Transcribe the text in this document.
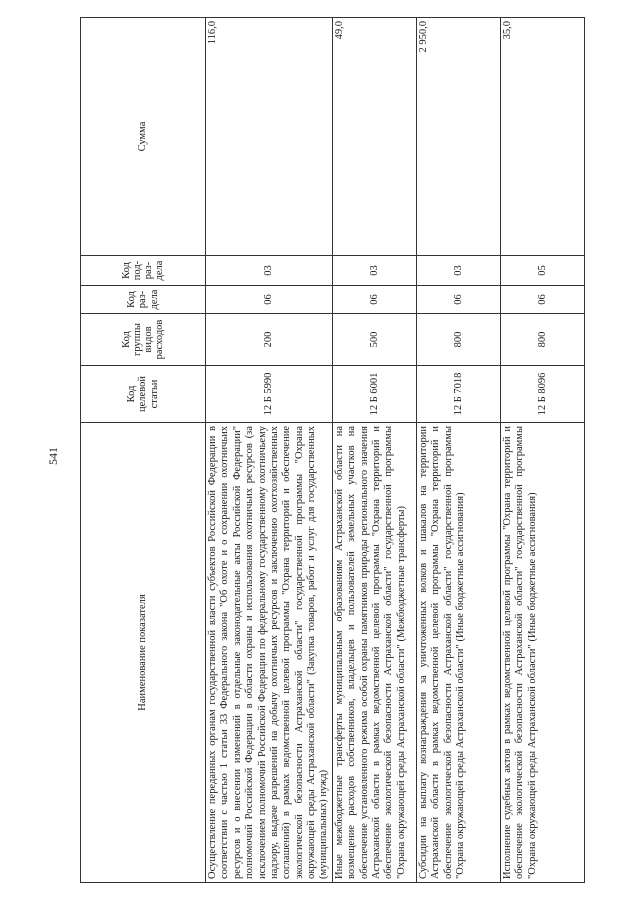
541
Наименование показателя	Код целевой статьи	Код группы видов расходов	Код раз-дела	Код под-раз-дела	Сумма
Осуществление переданных органам государственной власти субъектов Российской Федерации в соответствии с частью 1 статьи 33 Федерального закона "Об охоте и о сохранении охотничьих ресурсов и о внесении изменений в отдельные законодательные акты Российской Федерации" полномочий Российской Федерации в области охраны и использования охотничьих ресурсов (за исключением полномочий Российской Федерации по федеральному государственному охотничьему надзору, выдаче разрешений на добычу охотничьих ресурсов и заключению охотхозяйственных соглашений) в рамках ведомственной целевой программы "Охрана территорий и обеспечение экологической безопасности Астраханской области" государственной программы "Охрана окружающей среды Астраханской области" (Закупка товаров, работ и услуг для государственных (муниципальных) нужд)	12 Б 5990	200	06	03	116,0
Иные межбюджетные трансферты муниципальным образованиям Астраханской области на возмещение расходов собственников, владельцев и пользователей земельных участков на обеспечение установленного режима особой охраны памятников природы регионального значения Астраханской области в рамках ведомственной целевой программы "Охрана территорий и обеспечение экологической безопасности Астраханской области" государственной программы "Охрана окружающей среды Астраханской области" (Межбюджетные трансферты)	12 Б 6001	500	06	03	49,0
Субсидии на выплату вознаграждения за уничтоженных волков и шакалов на территории Астраханской области в рамках ведомственной целевой программы "Охрана территорий и обеспечение экологической безопасности Астраханской области" государственной программы "Охрана окружающей среды Астраханской области" (Иные бюджетные ассигнования)	12 Б 7018	800	06	03	2 950,0
Исполнение судебных актов в рамках ведомственной целевой программы "Охрана территорий и обеспечение экологической безопасности Астраханской области" государственной программы "Охрана окружающей среды Астраханской области" (Иные бюджетные ассигнования)	12 Б 8096	800	06	05	35,0
